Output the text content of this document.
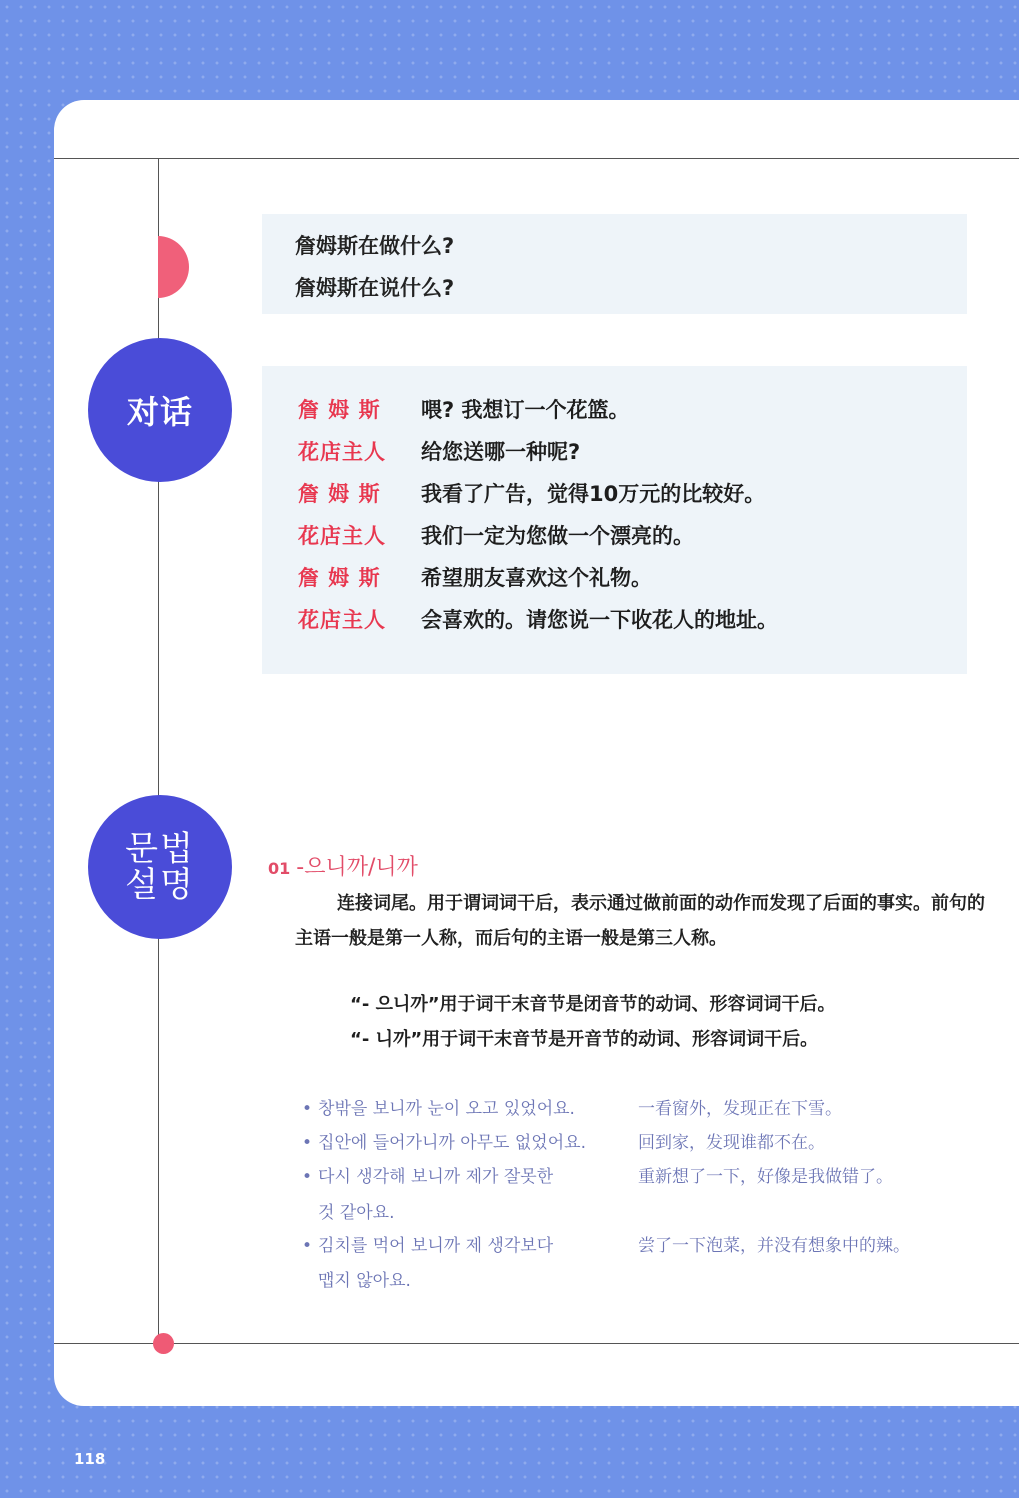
詹姆斯在做什么?
詹姆斯在说什么?
对话	詹 姆 斯	喂? 我想订一个花篮。
花店主人	给您送哪一种呢?
詹 姆 斯	我看了广告，觉得10万元的比较好。
花店主人	我们一定为您做一个漂亮的。
詹 姆 斯	希望朋友喜欢这个礼物。
花店主人	会喜欢的。请您说一下收花人的地址。
문법
설명	01 -으니까/니까
连接词尾。用于谓词词干后，表示通过做前面的动作而发现了后面的事实。前句的主语一般是第一人称，而后句的主语一般是第三人称。
“- 으니까”用于词干末音节是闭音节的动词、形容词词干后。
“- 니까”用于词干末音节是开音节的动词、形容词词干后。
• 창밖을 보니까 눈이 오고 있었어요.	一看窗外，发现正在下雪。
• 집안에 들어가니까 아무도 없었어요.	回到家，发现谁都不在。
• 다시 생각해 보니까 제가 잘못한	重新想了一下，好像是我做错了。
것 같아요.
• 김치를 먹어 보니까 제 생각보다	尝了一下泡菜，并没有想象中的辣。
맵지 않아요.
118
